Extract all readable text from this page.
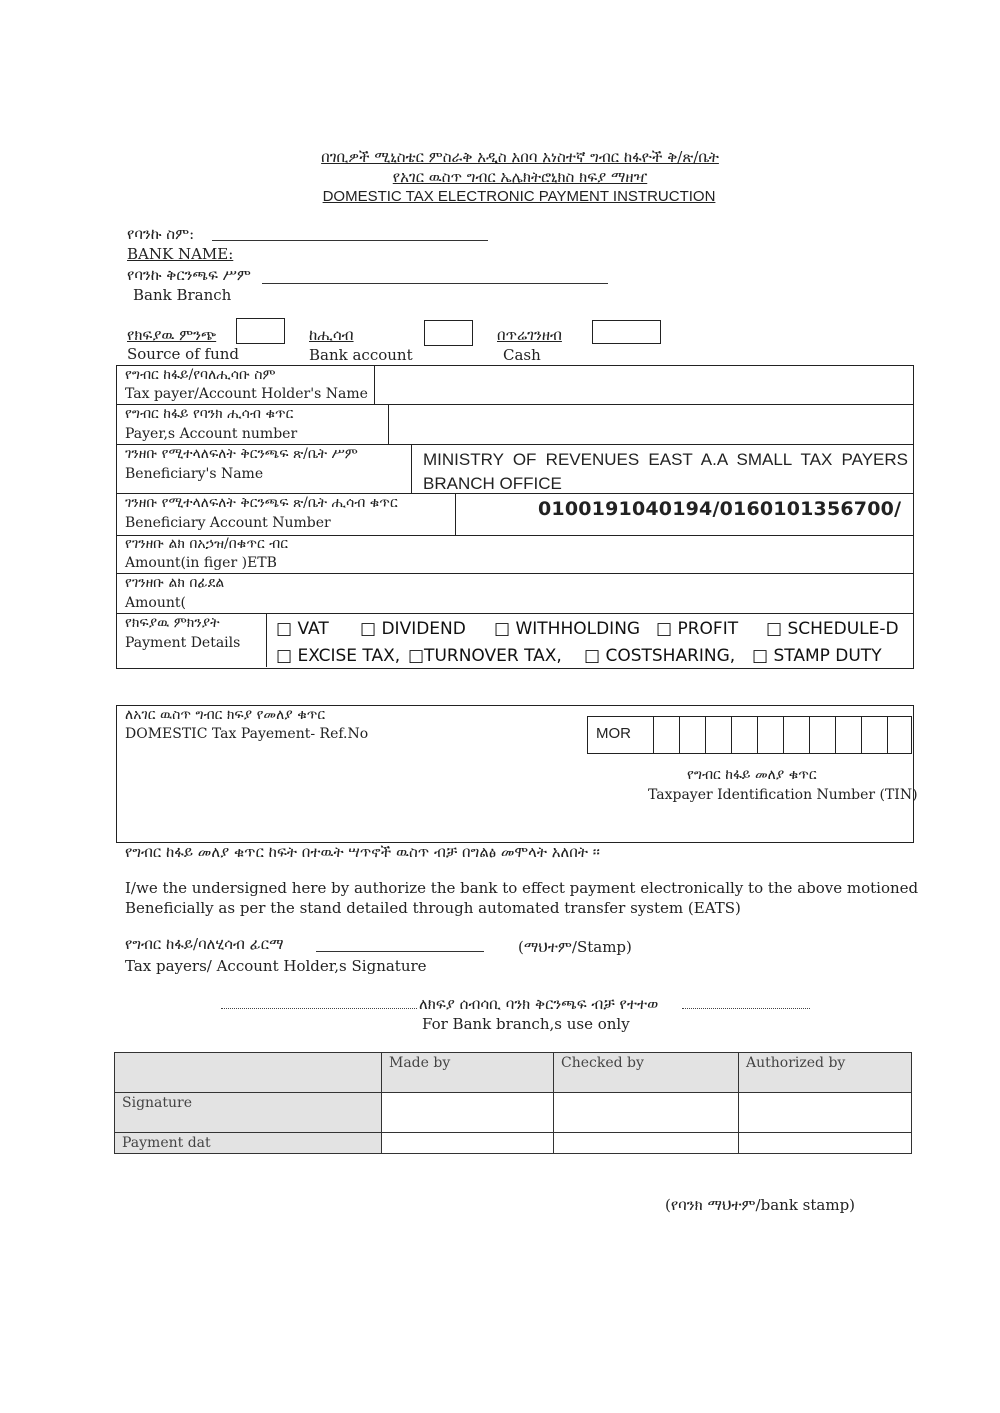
በገቢዎች ሚኒስቴር ምስራቅ አዲስ አበባ አነስተኛ ግብር ከፋዮች ቅ/ጽ/ቤት
የአገር ዉስጥ ግብር ኤሌክትሮኒክስ ክፍያ ማዘዣ
DOMESTIC TAX ELECTRONIC PAYMENT INSTRUCTION
የባንኩ ስም:
BANK NAME:
የባንኩ ቅርንጫፍ ሥም
Bank Branch
የክፍያዉ ምንጭ
Source of fund
ከሒሳብ
Bank account
በጥሬገንዘብ
Cash
የግብር ከፋይ/የባለሒሳቡ ስም
Tax payer/Account Holder's Name
የግብር ከፋይ የባንክ ሒሳብ ቁጥር
Payer,s Account number
ገንዘቡ የሚተላለፍለት ቅርንጫፍ ጽ/ቤት ሥም
Beneficiary's Name
MINISTRY OF REVENUES EAST A.A SMALL TAX PAYERS BRANCH OFFICE
ገንዘቡ የሚተላለፍለት ቅርንጫፍ ጽ/ቤት ሒሳብ ቁጥር
Beneficiary Account Number
0100191040194/0160101356700/
የገንዘቡ ልክ በአኃዝ/በቁጥር ብር
Amount(in figer )ETB
የገንዘቡ ልክ በፊደል
Amount(
የክፍያዉ ምክንያት
Payment Details
□ VAT □ DIVIDEND □ WITHHOLDING □ PROFIT □ SCHEDULE-D
□ EXCISE TAX, □TURNOVER TAX, □ COSTSHARING, □ STAMP DUTY
ለአገር ዉስጥ ግብር ክፍያ የመለያ ቁጥር
DOMESTIC Tax Payement- Ref.No	MOR
የግብር ከፋይ መለያ ቁጥር
Taxpayer Identification Number (TIN)
የግብር ከፋይ መለያ ቁጥር ከፍት በተዉት ሣጥኖች ዉስጥ ብቻ በግልፅ መሞላት አለበት ፡፡
I/we the undersigned here by authorize the bank to effect payment electronically to the above motioned
Beneficially as per the stand detailed through automated transfer system (EATS)
የግብር ከፋይ/ባለሂሳብ ፊርማ	(ማህተም/Stamp)
Tax payers/ Account Holder,s Signature
ለክፍያ ሰብሳቢ ባንክ ቅርንጫፍ ብቻ የተተወ
For Bank branch,s use only
	Made by	Checked by	Authorized by
Signature			
Payment dat			
(የባንክ ማህተም/bank stamp)
